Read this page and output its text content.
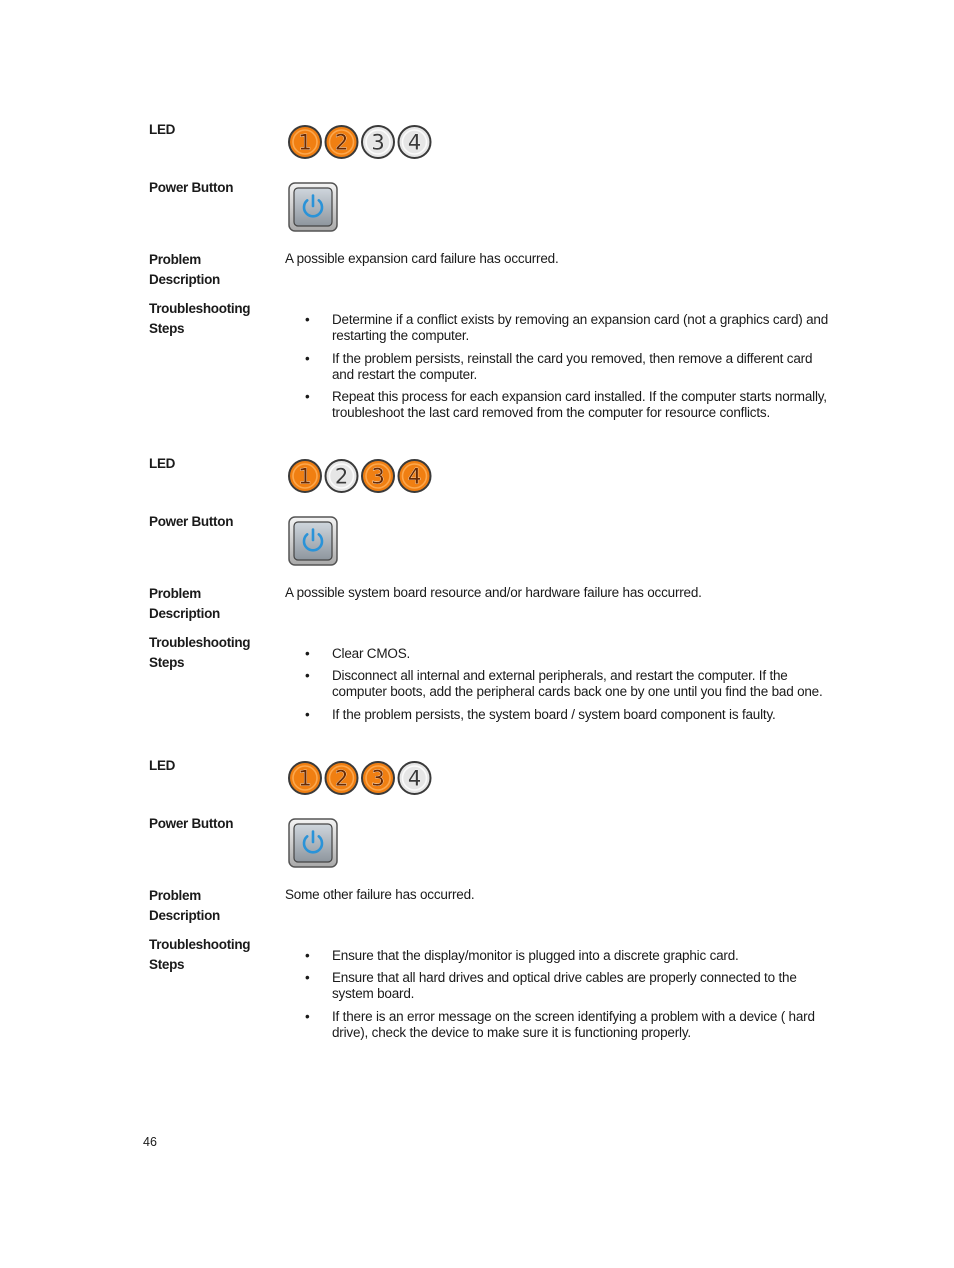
LED
1 2 3 4
Power Button
Problem Description
A possible expansion card failure has occurred.
Troubleshooting Steps
• Determine if a conflict exists by removing an expansion card (not a graphics card) and restarting the computer.
• If the problem persists, reinstall the card you removed, then remove a different card and restart the computer.
• Repeat this process for each expansion card installed. If the computer starts normally, troubleshoot the last card removed from the computer for resource conflicts.
LED
1 2 3 4
Power Button
Problem Description
A possible system board resource and/or hardware failure has occurred.
Troubleshooting Steps
• Clear CMOS.
• Disconnect all internal and external peripherals, and restart the computer. If the computer boots, add the peripheral cards back one by one until you find the bad one.
• If the problem persists, the system board / system board component is faulty.
LED
1 2 3 4
Power Button
Problem Description
Some other failure has occurred.
Troubleshooting Steps
• Ensure that the display/monitor is plugged into a discrete graphic card.
• Ensure that all hard drives and optical drive cables are properly connected to the system board.
• If there is an error message on the screen identifying a problem with a device ( hard drive), check the device to make sure it is functioning properly.
46
